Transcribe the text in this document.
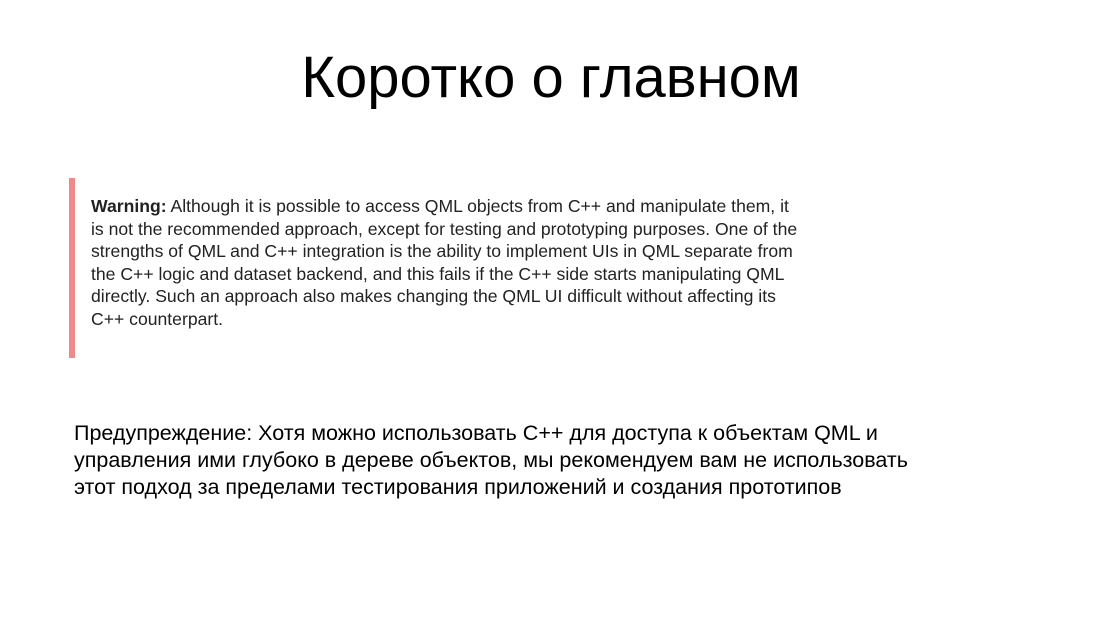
Коротко о главном

Warning: Although it is possible to access QML objects from C++ and manipulate them, it
is not the recommended approach, except for testing and prototyping purposes. One of the
strengths of QML and C++ integration is the ability to implement UIs in QML separate from
the C++ logic and dataset backend, and this fails if the C++ side starts manipulating QML
directly. Such an approach also makes changing the QML UI difficult without affecting its
C++ counterpart.

Предупреждение: Хотя можно использовать C++ для доступа к объектам QML и
управления ими глубоко в дереве объектов, мы рекомендуем вам не использовать
этот подход за пределами тестирования приложений и создания прототипов
